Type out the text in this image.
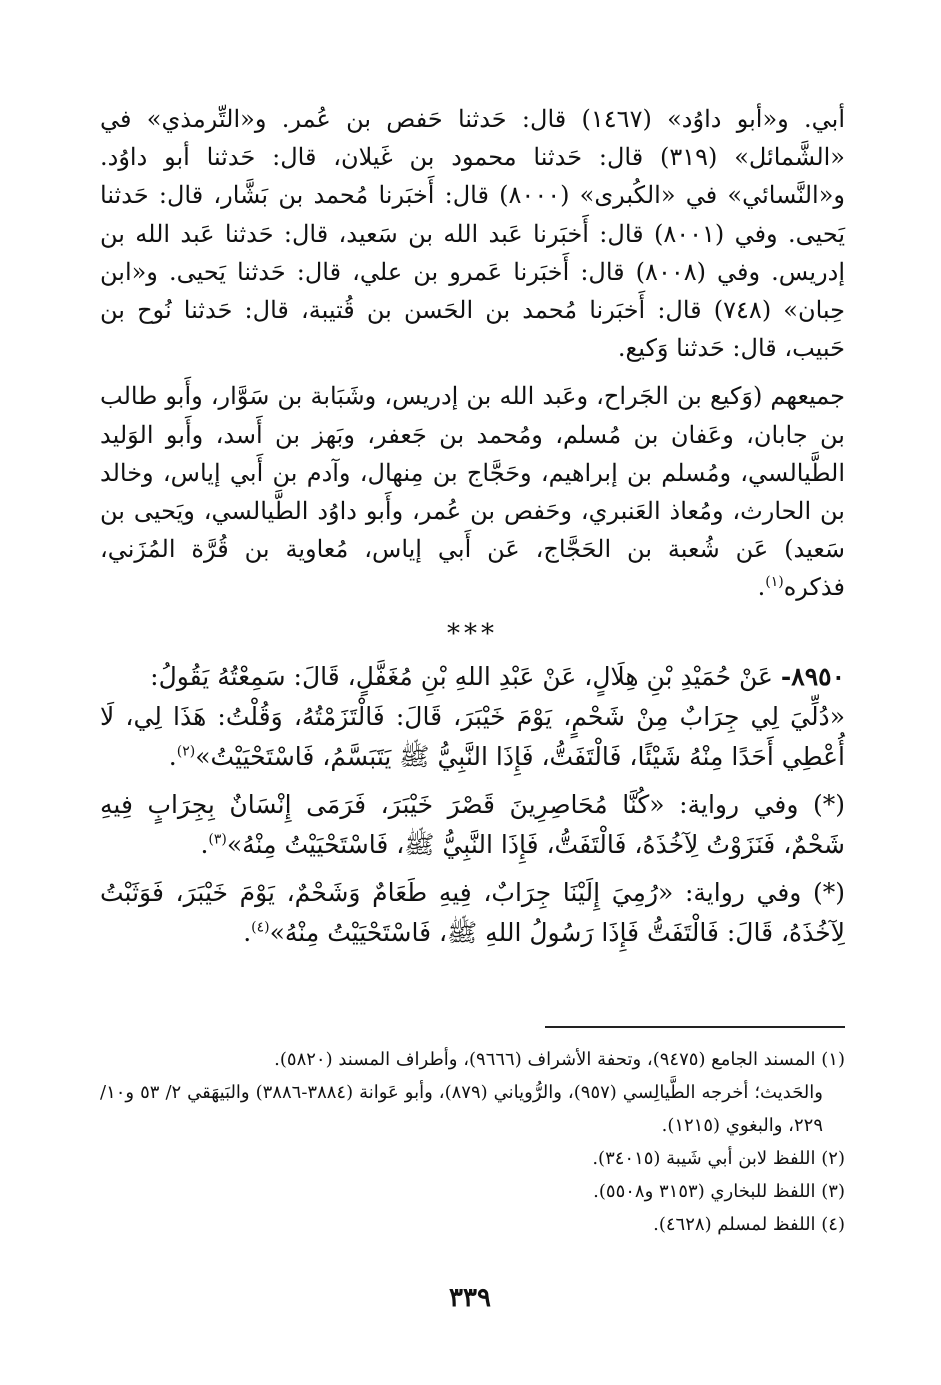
أبي. و«أبو داوُد» (١٤٦٧) قال: حَدثنا حَفص بن عُمر. و«التِّرمذي» في «الشَّمائل» (٣١٩) قال: حَدثنا محمود بن غَيلان، قال: حَدثنا أبو داوُد. و«النَّسائي» في «الكُبرى» (٨٠٠٠) قال: أَخبَرنا مُحمد بن بَشَّار، قال: حَدثنا يَحيى. وفي (٨٠٠١) قال: أَخبَرنا عَبد الله بن سَعيد، قال: حَدثنا عَبد الله بن إدريس. وفي (٨٠٠٨) قال: أَخبَرنا عَمرو بن علي، قال: حَدثنا يَحيى. و«ابن حِبان» (٧٤٨) قال: أَخبَرنا مُحمد بن الحَسن بن قُتيبة، قال: حَدثنا نُوح بن حَبيب، قال: حَدثنا وَكيع.

جميعهم (وَكيع بن الجَراح، وعَبد الله بن إدريس، وشَبَابة بن سَوَّار، وأَبو طالب بن جابان، وعَفان بن مُسلم، ومُحمد بن جَعفر، وبَهز بن أَسد، وأَبو الوَليد الطَّيالسي، ومُسلم بن إبراهيم، وحَجَّاج بن مِنهال، وآدم بن أَبي إياس، وخالد بن الحارث، ومُعاذ العَنبري، وحَفص بن عُمر، وأَبو داوُد الطَّيالسي، ويَحيى بن سَعيد) عَن شُعبة بن الحَجَّاج، عَن أَبي إياس، مُعاوية بن قُرَّة المُزَني، فذكره$^{(١)}$.

***

٨٩٥٠- عَنْ حُمَيْدِ بْنِ هِلَالٍ، عَنْ عَبْدِ اللهِ بْنِ مُغَفَّلٍ، قَالَ: سَمِعْتُهُ يَقُولُ:
«دُلِّيَ لِي جِرَابٌ مِنْ شَحْمٍ، يَوْمَ خَيْبَرَ، قَالَ: فَالْتَزَمْتُهُ، وَقُلْتُ: هَذَا لِي، لَا أُعْطِي أَحَدًا مِنْهُ شَيْئًا، فَالْتَفَتُّ، فَإِذَا النَّبِيُّ ﷺ يَتَبَسَّمُ، فَاسْتَحْيَيْتُ»$^{(٢)}$.

(*) وفي رواية: «كُنَّا مُحَاصِرِينَ قَصْرَ خَيْبَرَ، فَرَمَى إِنْسَانٌ بِجِرَابٍ فِيهِ شَحْمٌ، فَنَزَوْتُ لِآخُذَهُ، فَالْتَفَتُّ، فَإِذَا النَّبِيُّ ﷺ، فَاسْتَحْيَيْتُ مِنْهُ»$^{(٣)}$.

(*) وفي رواية: «رُمِيَ إِلَيْنَا جِرَابٌ، فِيهِ طَعَامٌ وَشَحْمٌ، يَوْمَ خَيْبَرَ، فَوَثَبْتُ لِآخُذَهُ، قَالَ: فَالْتَفَتُّ فَإِذَا رَسُولُ اللهِ ﷺ، فَاسْتَحْيَيْتُ مِنْهُ»$^{(٤)}$.

(١) المسند الجامع (٩٤٧٥)، وتحفة الأشراف (٩٦٦٦)، وأطراف المسند (٥٨٢٠).

والحَديث؛ أخرجه الطَّيالِسي (٩٥٧)، والرُّوياني (٨٧٩)، وأبو عَوانة (٣٨٨٤-٣٨٨٦) والبَيهَقي ٢/ ٥٣ و١٠/ ٢٢٩، والبغوي (١٢١٥).

(٢) اللفظ لابن أبي شَيبة (٣٤٠١٥).

(٣) اللفظ للبخاري (٣١٥٣ و٥٥٠٨).

(٤) اللفظ لمسلم (٤٦٢٨).

٣٣٩
